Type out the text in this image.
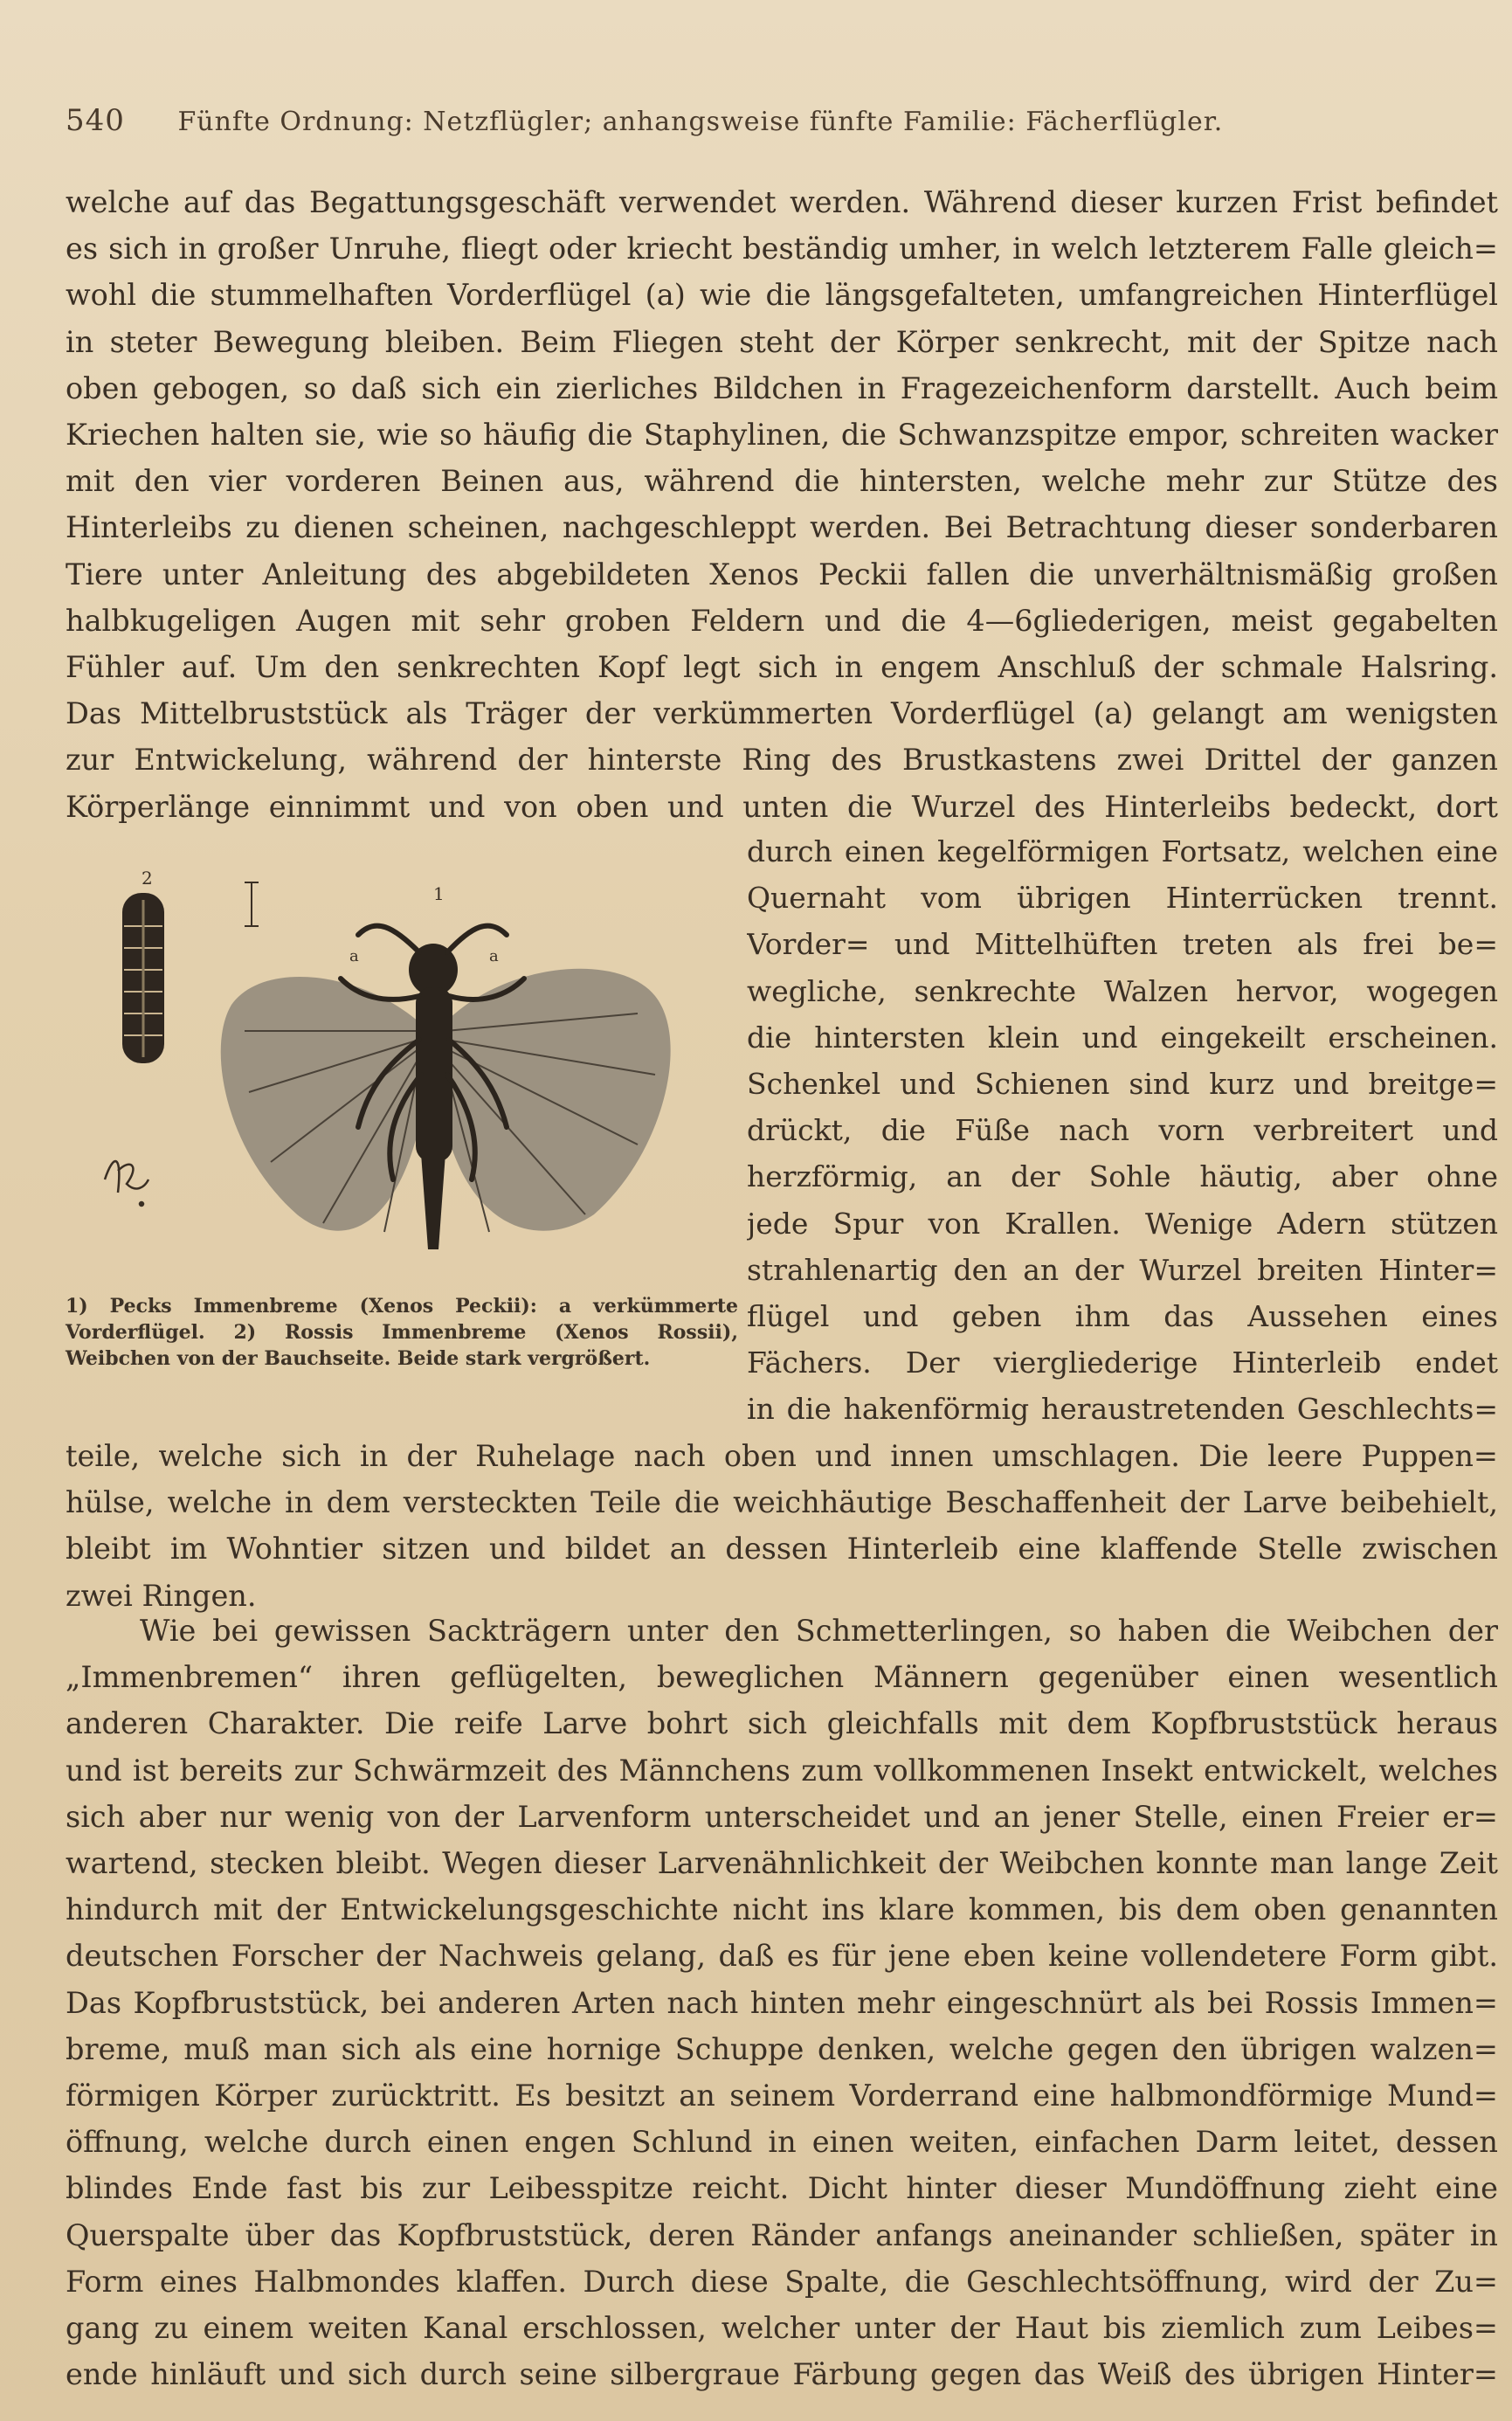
540 Fünfte Ordnung: Netzflügler; anhangsweise fünfte Familie: Fächerflügler.
welche auf das Begattungsgeschäft verwendet werden. Während dieser kurzen Frist befindet
es sich in großer Unruhe, fliegt oder kriecht beständig umher, in welch letzterem Falle gleich=
wohl die stummelhaften Vorderflügel (a) wie die längsgefalteten, umfangreichen Hinterflügel
in steter Bewegung bleiben. Beim Fliegen steht der Körper senkrecht, mit der Spitze nach
oben gebogen, so daß sich ein zierliches Bildchen in Fragezeichenform darstellt. Auch beim
Kriechen halten sie, wie so häufig die Staphylinen, die Schwanzspitze empor, schreiten wacker
mit den vier vorderen Beinen aus, während die hintersten, welche mehr zur Stütze des
Hinterleibs zu dienen scheinen, nachgeschleppt werden. Bei Betrachtung dieser sonderbaren
Tiere unter Anleitung des abgebildeten Xenos Peckii fallen die unverhältnismäßig großen
halbkugeligen Augen mit sehr groben Feldern und die 4—6gliederigen, meist gegabelten
Fühler auf. Um den senkrechten Kopf legt sich in engem Anschluß der schmale Halsring.
Das Mittelbruststück als Träger der verkümmerten Vorderflügel (a) gelangt am wenigsten
zur Entwickelung, während der hinterste Ring des Brustkastens zwei Drittel der ganzen
Körperlänge einnimmt und von oben und unten die Wurzel des Hinterleibs bedeckt, dort
2
1
a	a
1) Pecks Immenbreme (Xenos Peckii): a verkümmerte
Vorderflügel. 2) Rossis Immenbreme (Xenos Rossii),
Weibchen von der Bauchseite. Beide stark vergrößert.
durch einen kegelförmigen Fortsatz, welchen eine
Quernaht vom übrigen Hinterrücken trennt.
Vorder= und Mittelhüften treten als frei be=
wegliche, senkrechte Walzen hervor, wogegen
die hintersten klein und eingekeilt erscheinen.
Schenkel und Schienen sind kurz und breitge=
drückt, die Füße nach vorn verbreitert und
herzförmig, an der Sohle häutig, aber ohne
jede Spur von Krallen. Wenige Adern stützen
strahlenartig den an der Wurzel breiten Hinter=
flügel und geben ihm das Aussehen eines
Fächers. Der viergliederige Hinterleib endet
in die hakenförmig heraustretenden Geschlechts=
teile, welche sich in der Ruhelage nach oben und innen umschlagen. Die leere Puppen=
hülse, welche in dem versteckten Teile die weichhäutige Beschaffenheit der Larve beibehielt,
bleibt im Wohntier sitzen und bildet an dessen Hinterleib eine klaffende Stelle zwischen
zwei Ringen.
Wie bei gewissen Sackträgern unter den Schmetterlingen, so haben die Weibchen der
„Immenbremen“ ihren geflügelten, beweglichen Männern gegenüber einen wesentlich
anderen Charakter. Die reife Larve bohrt sich gleichfalls mit dem Kopfbruststück heraus
und ist bereits zur Schwärmzeit des Männchens zum vollkommenen Insekt entwickelt, welches
sich aber nur wenig von der Larvenform unterscheidet und an jener Stelle, einen Freier er=
wartend, stecken bleibt. Wegen dieser Larvenähnlichkeit der Weibchen konnte man lange Zeit
hindurch mit der Entwickelungsgeschichte nicht ins klare kommen, bis dem oben genannten
deutschen Forscher der Nachweis gelang, daß es für jene eben keine vollendetere Form gibt.
Das Kopfbruststück, bei anderen Arten nach hinten mehr eingeschnürt als bei Rossis Immen=
breme, muß man sich als eine hornige Schuppe denken, welche gegen den übrigen walzen=
förmigen Körper zurücktritt. Es besitzt an seinem Vorderrand eine halbmondförmige Mund=
öffnung, welche durch einen engen Schlund in einen weiten, einfachen Darm leitet, dessen
blindes Ende fast bis zur Leibesspitze reicht. Dicht hinter dieser Mundöffnung zieht eine
Querspalte über das Kopfbruststück, deren Ränder anfangs aneinander schließen, später in
Form eines Halbmondes klaffen. Durch diese Spalte, die Geschlechtsöffnung, wird der Zu=
gang zu einem weiten Kanal erschlossen, welcher unter der Haut bis ziemlich zum Leibes=
ende hinläuft und sich durch seine silbergraue Färbung gegen das Weiß des übrigen Hinter=
